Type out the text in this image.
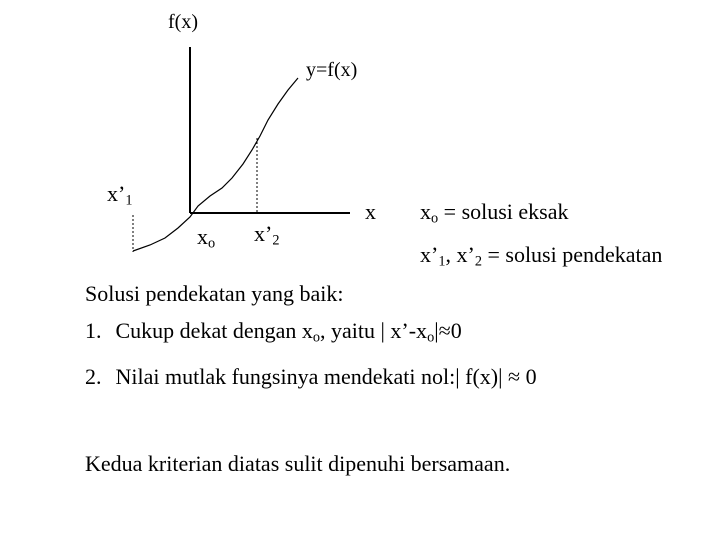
f(x)
y=f(x)
x
$x’_1$
$x_o$ $x’_2$
$x_o$ = solusi eksak
$x’_1$, $x’_2$ = solusi pendekatan
Solusi pendekatan yang baik:
1. Cukup dekat dengan $x_o$, yaitu | $x’-x_o|\approx 0$
2. Nilai mutlak fungsinya mendekati nol:| f(x)| ≈ 0
Kedua kriterian diatas sulit dipenuhi bersamaan.
